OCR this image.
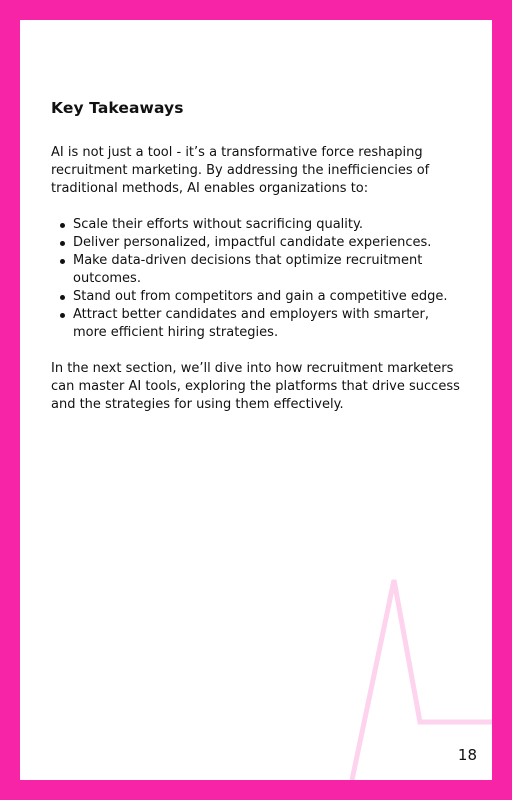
Key Takeaways

AI is not just a tool - it’s a transformative force reshaping recruitment marketing. By addressing the inefficiencies of traditional methods, AI enables organizations to:

Scale their efforts without sacrificing quality.
Deliver personalized, impactful candidate experiences.
Make data-driven decisions that optimize recruitment outcomes.
Stand out from competitors and gain a competitive edge.
Attract better candidates and employers with smarter, more efficient hiring strategies.

In the next section, we’ll dive into how recruitment marketers can master AI tools, exploring the platforms that drive success and the strategies for using them effectively.

18
